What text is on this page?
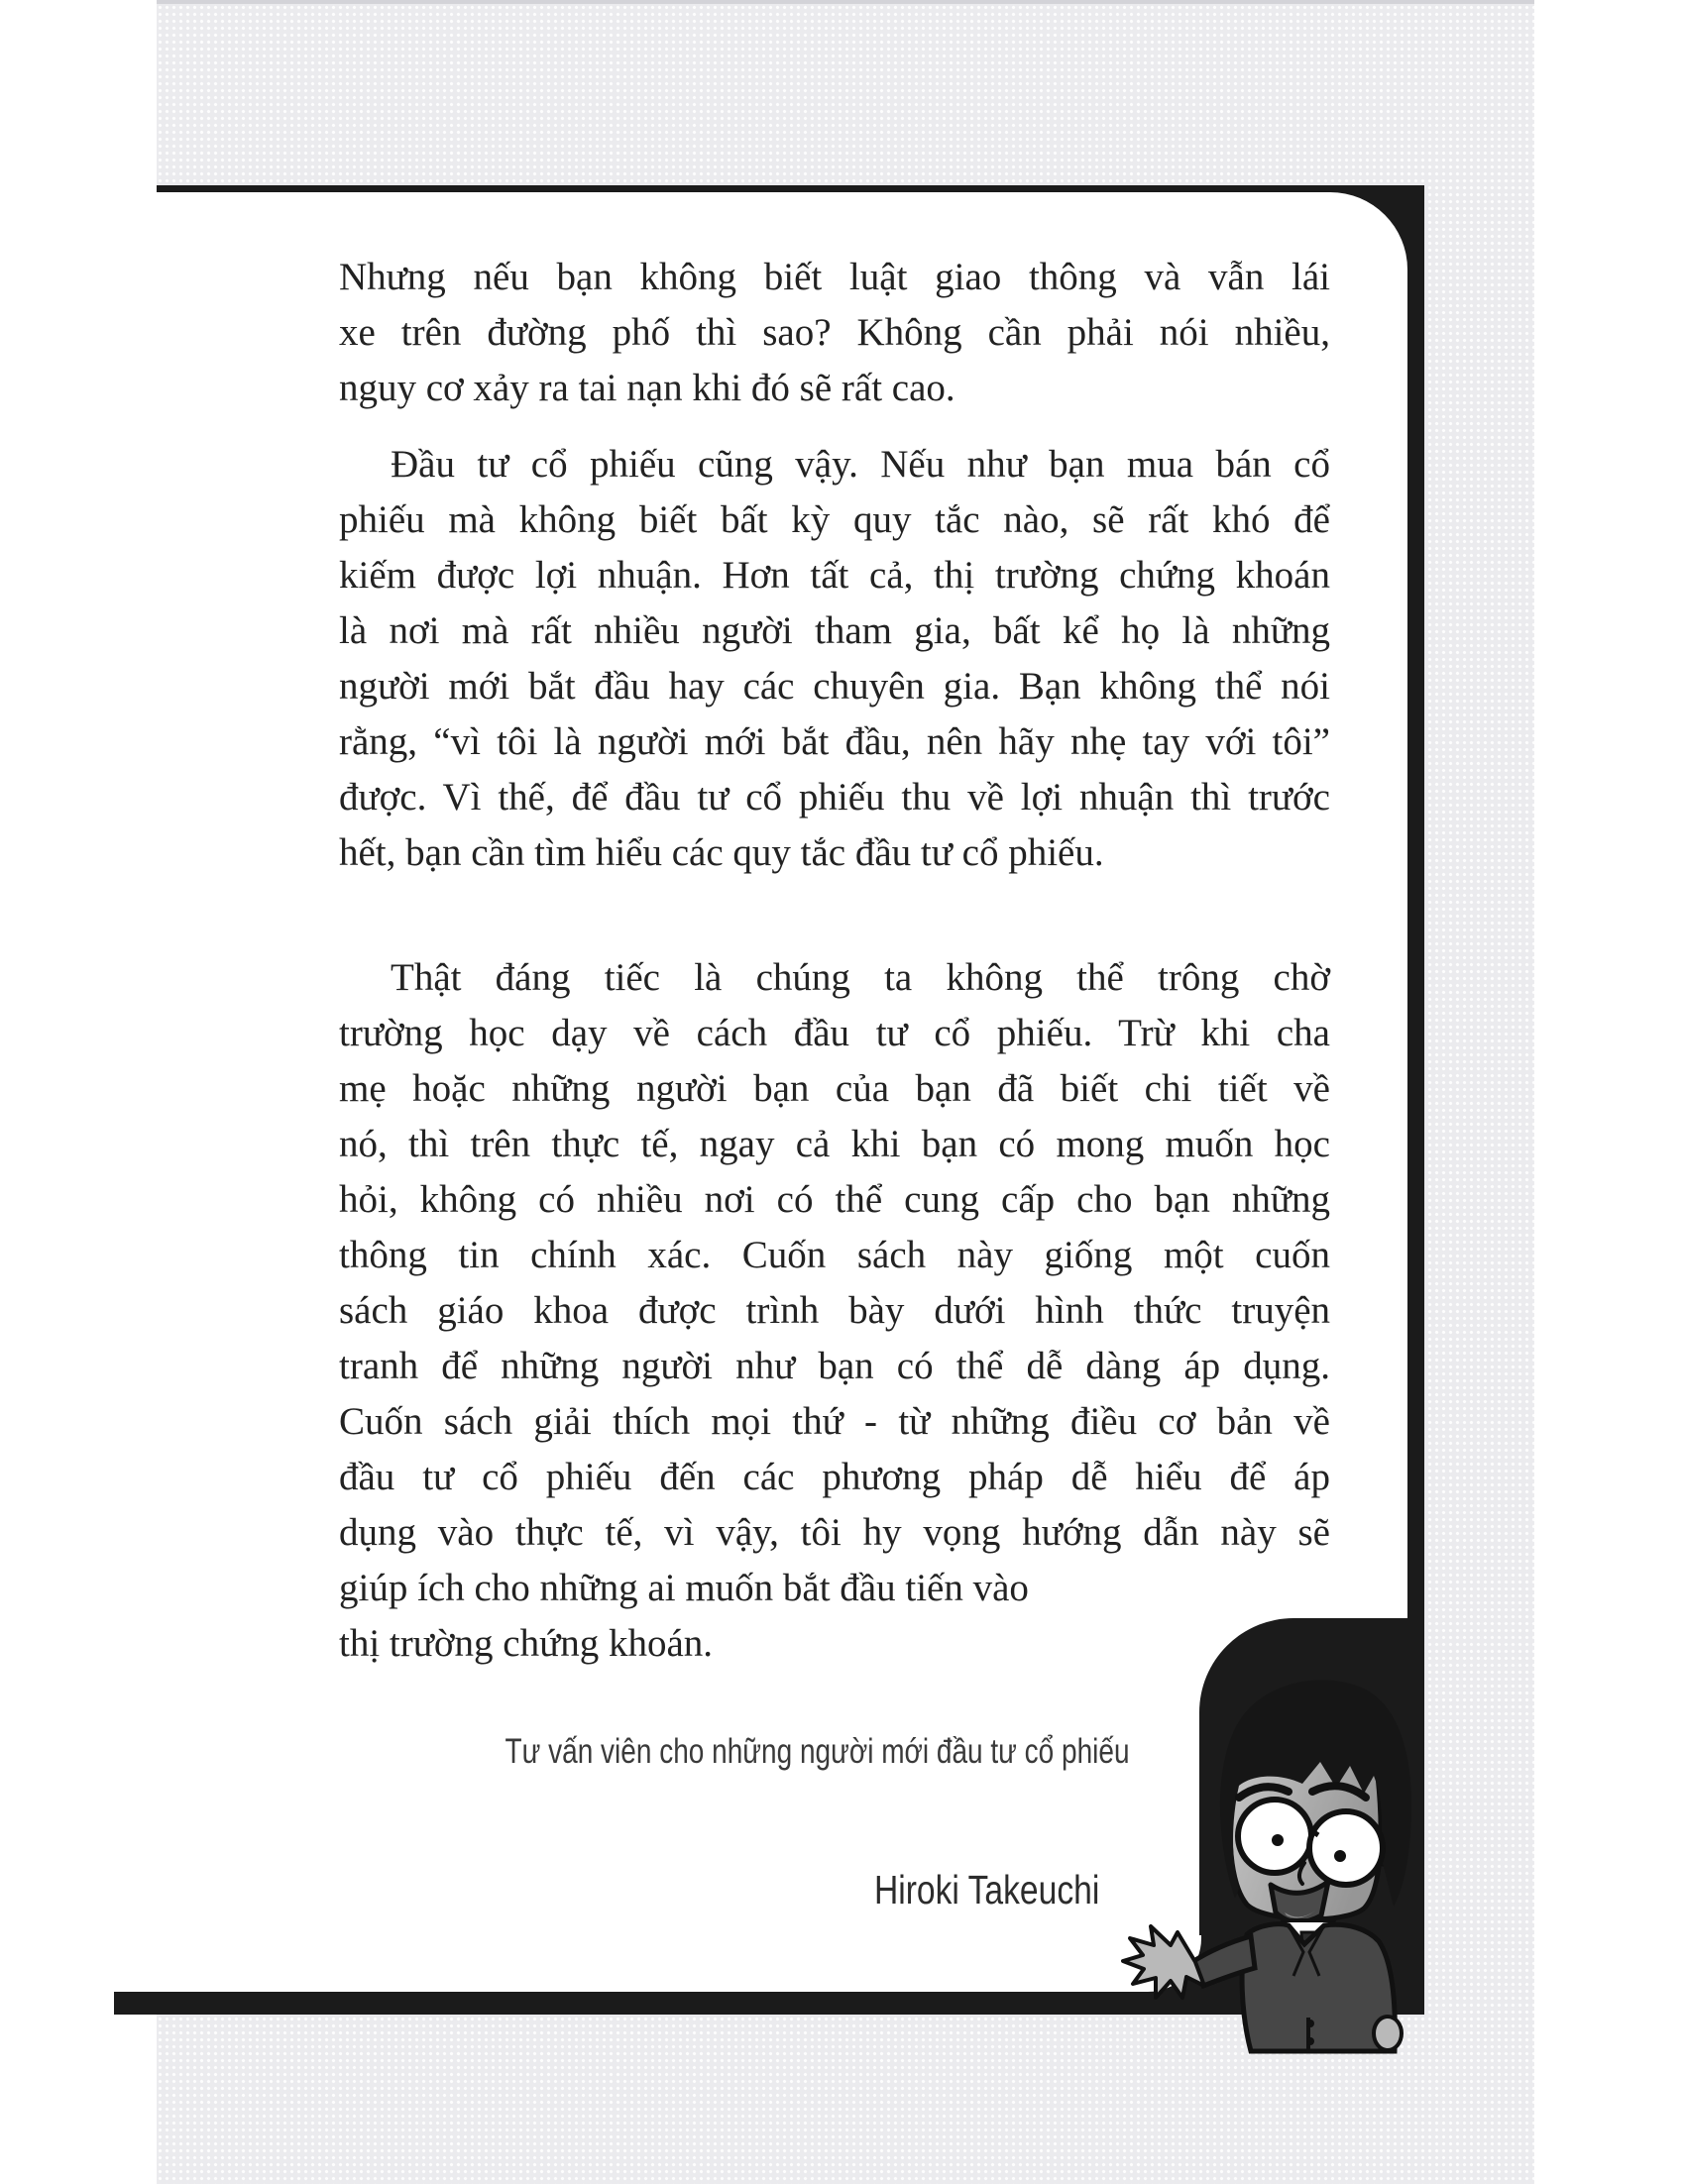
Nhưng nếu bạn không biết luật giao thông và vẫn lái
xe trên đường phố thì sao? Không cần phải nói nhiều,
nguy cơ xảy ra tai nạn khi đó sẽ rất cao.
Đầu tư cổ phiếu cũng vậy. Nếu như bạn mua bán cổ
phiếu mà không biết bất kỳ quy tắc nào, sẽ rất khó để
kiếm được lợi nhuận. Hơn tất cả, thị trường chứng khoán
là nơi mà rất nhiều người tham gia, bất kể họ là những
người mới bắt đầu hay các chuyên gia. Bạn không thể nói
rằng, “vì tôi là người mới bắt đầu, nên hãy nhẹ tay với tôi”
được. Vì thế, để đầu tư cổ phiếu thu về lợi nhuận thì trước
hết, bạn cần tìm hiểu các quy tắc đầu tư cổ phiếu.
Thật đáng tiếc là chúng ta không thể trông chờ
trường học dạy về cách đầu tư cổ phiếu. Trừ khi cha
mẹ hoặc những người bạn của bạn đã biết chi tiết về
nó, thì trên thực tế, ngay cả khi bạn có mong muốn học
hỏi, không có nhiều nơi có thể cung cấp cho bạn những
thông tin chính xác. Cuốn sách này giống một cuốn
sách giáo khoa được trình bày dưới hình thức truyện
tranh để những người như bạn có thể dễ dàng áp dụng.
Cuốn sách giải thích mọi thứ - từ những điều cơ bản về
đầu tư cổ phiếu đến các phương pháp dễ hiểu để áp
dụng vào thực tế, vì vậy, tôi hy vọng hướng dẫn này sẽ
giúp ích cho những ai muốn bắt đầu tiến vào
thị trường chứng khoán.
Tư vấn viên cho những người mới đầu tư cổ phiếu
Hiroki Takeuchi
